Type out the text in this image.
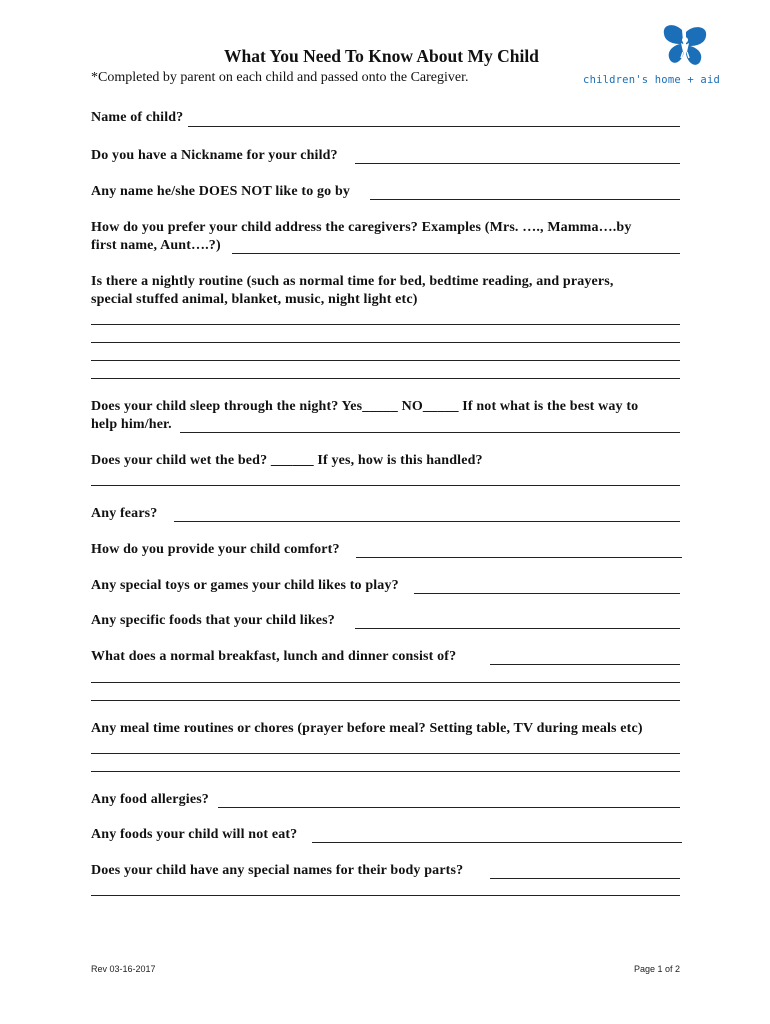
children's home + aid
What You Need To Know About My Child
*Completed by parent on each child and passed onto the Caregiver.
Name of child?
Do you have a Nickname for your child?
Any name he/she DOES NOT like to go by
How do you prefer your child address the caregivers? Examples (Mrs. …., Mamma….by
first name, Aunt….?)
Is there a nightly routine (such as normal time for bed, bedtime reading, and prayers,
special stuffed animal, blanket, music, night light etc)
Does your child sleep through the night? Yes_____ NO_____ If not what is the best way to
help him/her.
Does your child wet the bed? ______ If yes, how is this handled?
Any fears?
How do you provide your child comfort?
Any special toys or games your child likes to play?
Any specific foods that your child likes?
What does a normal breakfast, lunch and dinner consist of?
Any meal time routines or chores (prayer before meal? Setting table, TV during meals etc)
Any food allergies?
Any foods your child will not eat?
Does your child have any special names for their body parts?
Rev 03-16-2017	Page 1 of 2
